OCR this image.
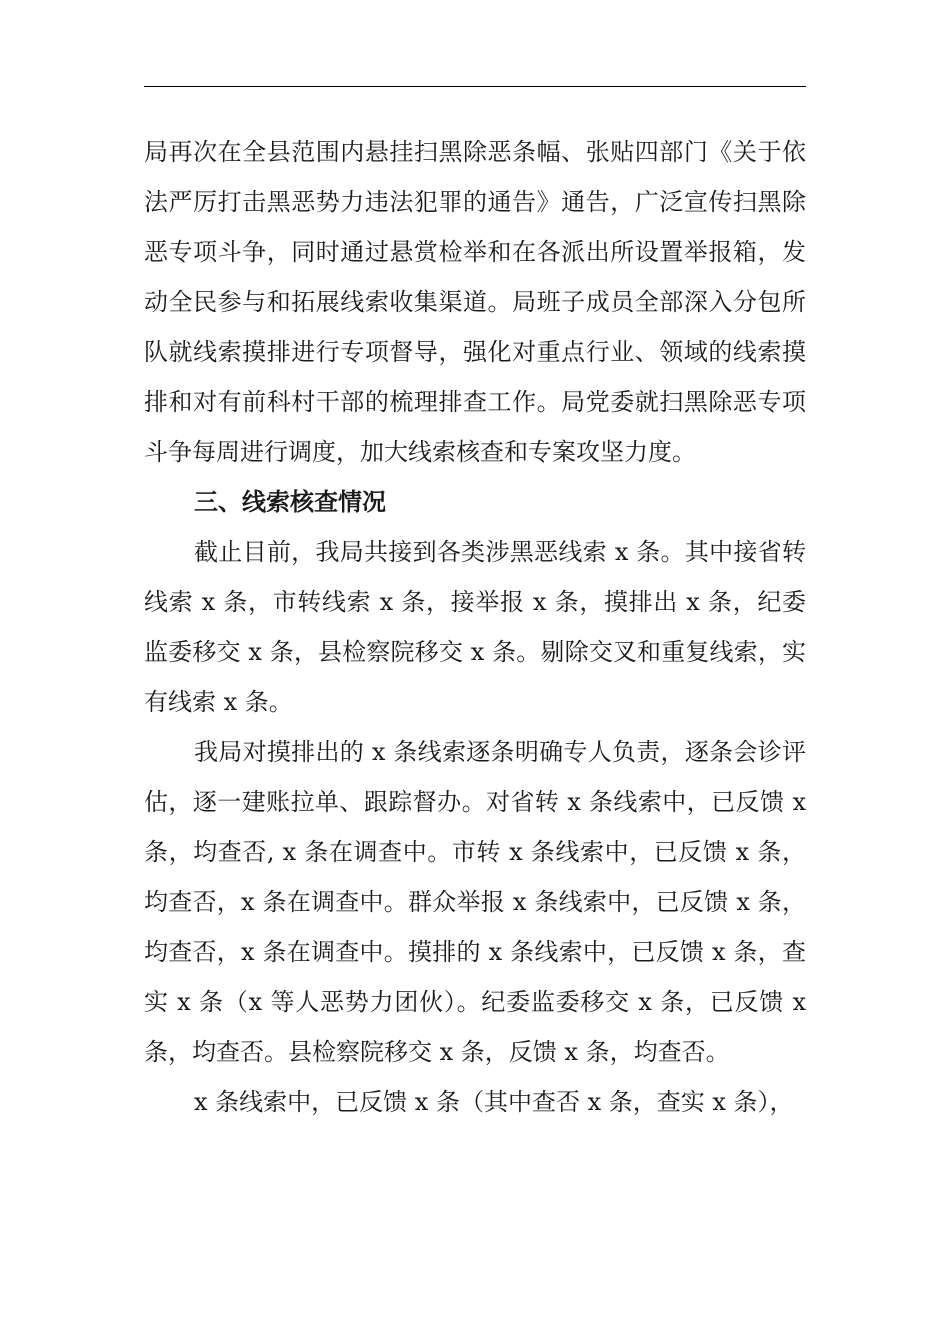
局再次在全县范围内悬挂扫黑除恶条幅、张贴四部门《关于依法严厉打击黑恶势力违法犯罪的通告》通告，广泛宣传扫黑除恶专项斗争，同时通过悬赏检举和在各派出所设置举报箱，发动全民参与和拓展线索收集渠道。局班子成员全部深入分包所队就线索摸排进行专项督导，强化对重点行业、领域的线索摸排和对有前科村干部的梳理排查工作。局党委就扫黑除恶专项斗争每周进行调度，加大线索核查和专案攻坚力度。

三、线索核查情况

截止目前，我局共接到各类涉黑恶线索 x 条。其中接省转线索 x 条，市转线索 x 条，接举报 x 条，摸排出 x 条，纪委监委移交 x 条，县检察院移交 x 条。剔除交叉和重复线索，实有线索 x 条。

我局对摸排出的 x 条线索逐条明确专人负责，逐条会诊评估，逐一建账拉单、跟踪督办。对省转 x 条线索中，已反馈 x 条，均查否, x 条在调查中。市转 x 条线索中，已反馈 x 条，均查否，x 条在调查中。群众举报 x 条线索中，已反馈 x 条，均查否，x 条在调查中。摸排的 x 条线索中，已反馈 x 条，查实 x 条（x 等人恶势力团伙）。纪委监委移交 x 条，已反馈 x 条，均查否。县检察院移交 x 条，反馈 x 条，均查否。

x 条线索中，已反馈 x 条（其中查否 x 条，查实 x 条），
